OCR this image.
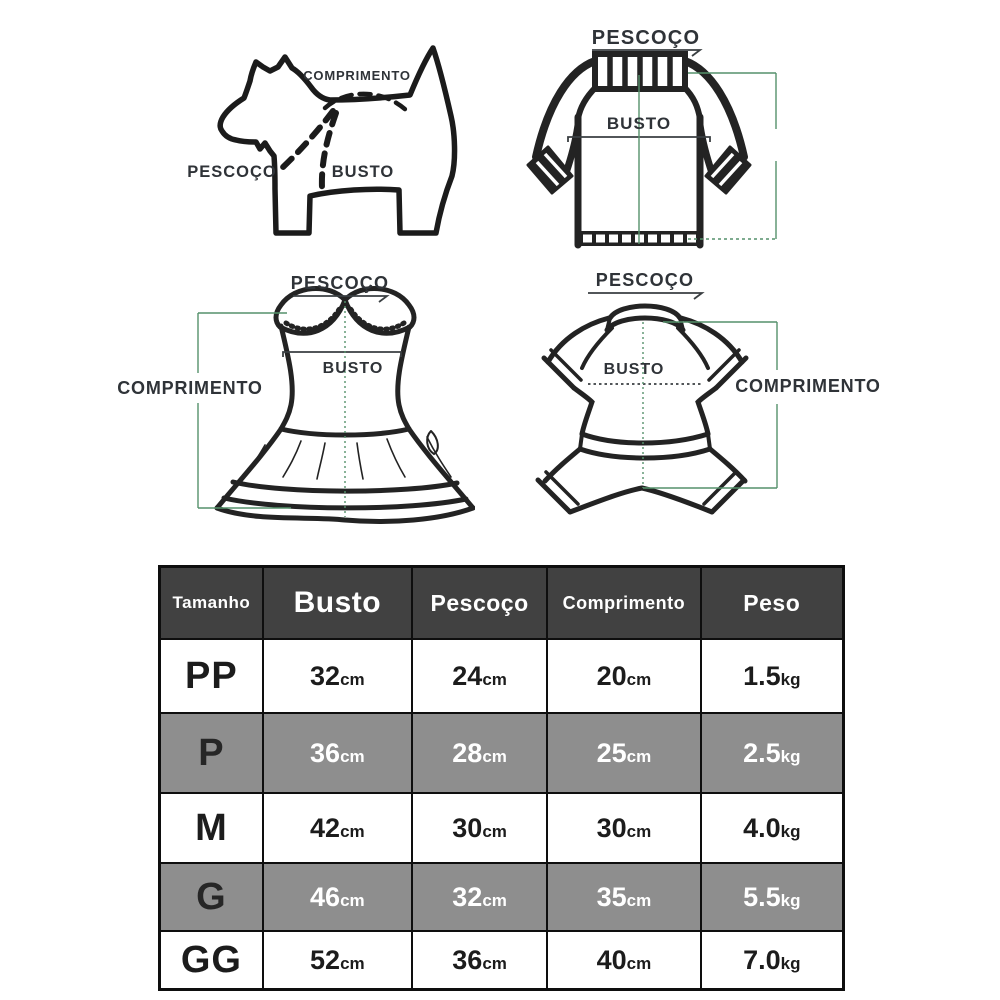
COMPRIMENTO
PESCOÇO	BUSTO
PESCOÇO
BUSTO
PESCOÇO
BUSTO
COMPRIMENTO
PESCOÇO
BUSTO
COMPRIMENTO
Tamanho	Busto	Pescoço	Comprimento	Peso
PP	32cm	24cm	20cm	1.5kg
P	36cm	28cm	25cm	2.5kg
M	42cm	30cm	30cm	4.0kg
G	46cm	32cm	35cm	5.5kg
GG	52cm	36cm	40cm	7.0kg
